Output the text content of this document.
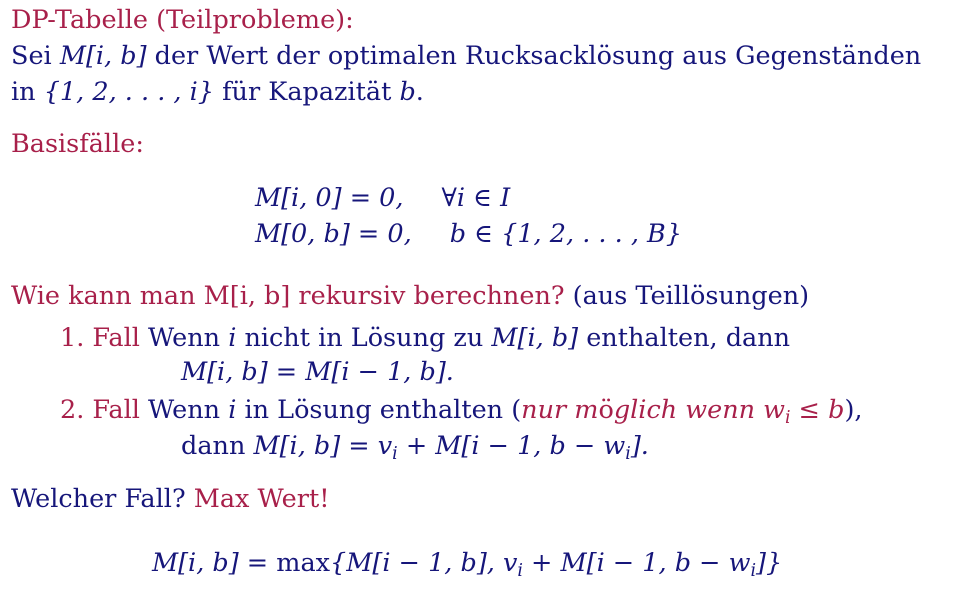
DP-Tabelle (Teilprobleme):
Sei M[i, b] der Wert der optimalen Rucksacklösung aus Gegenständen
in {1, 2, . . . , i} für Kapazität b.
Basisfälle:
M[i, 0] = 0, ∀i ∈ I
M[0, b] = 0, b ∈ {1, 2, . . . , B}
Wie kann man M[i, b] rekursiv berechnen? (aus Teillösungen)
1. Fall Wenn i nicht in Lösung zu M[i, b] enthalten, dann
M[i, b] = M[i − 1, b].
2. Fall Wenn i in Lösung enthalten (nur möglich wenn $w_i \le b$),
dann M[i, $b] = v_i + M[i - 1$, $b - w_i$].
Welcher Fall? Max Wert!
M[i, b] = max{M[i − 1, b], $v_i + M[i - 1$, $b - w_i$]}
